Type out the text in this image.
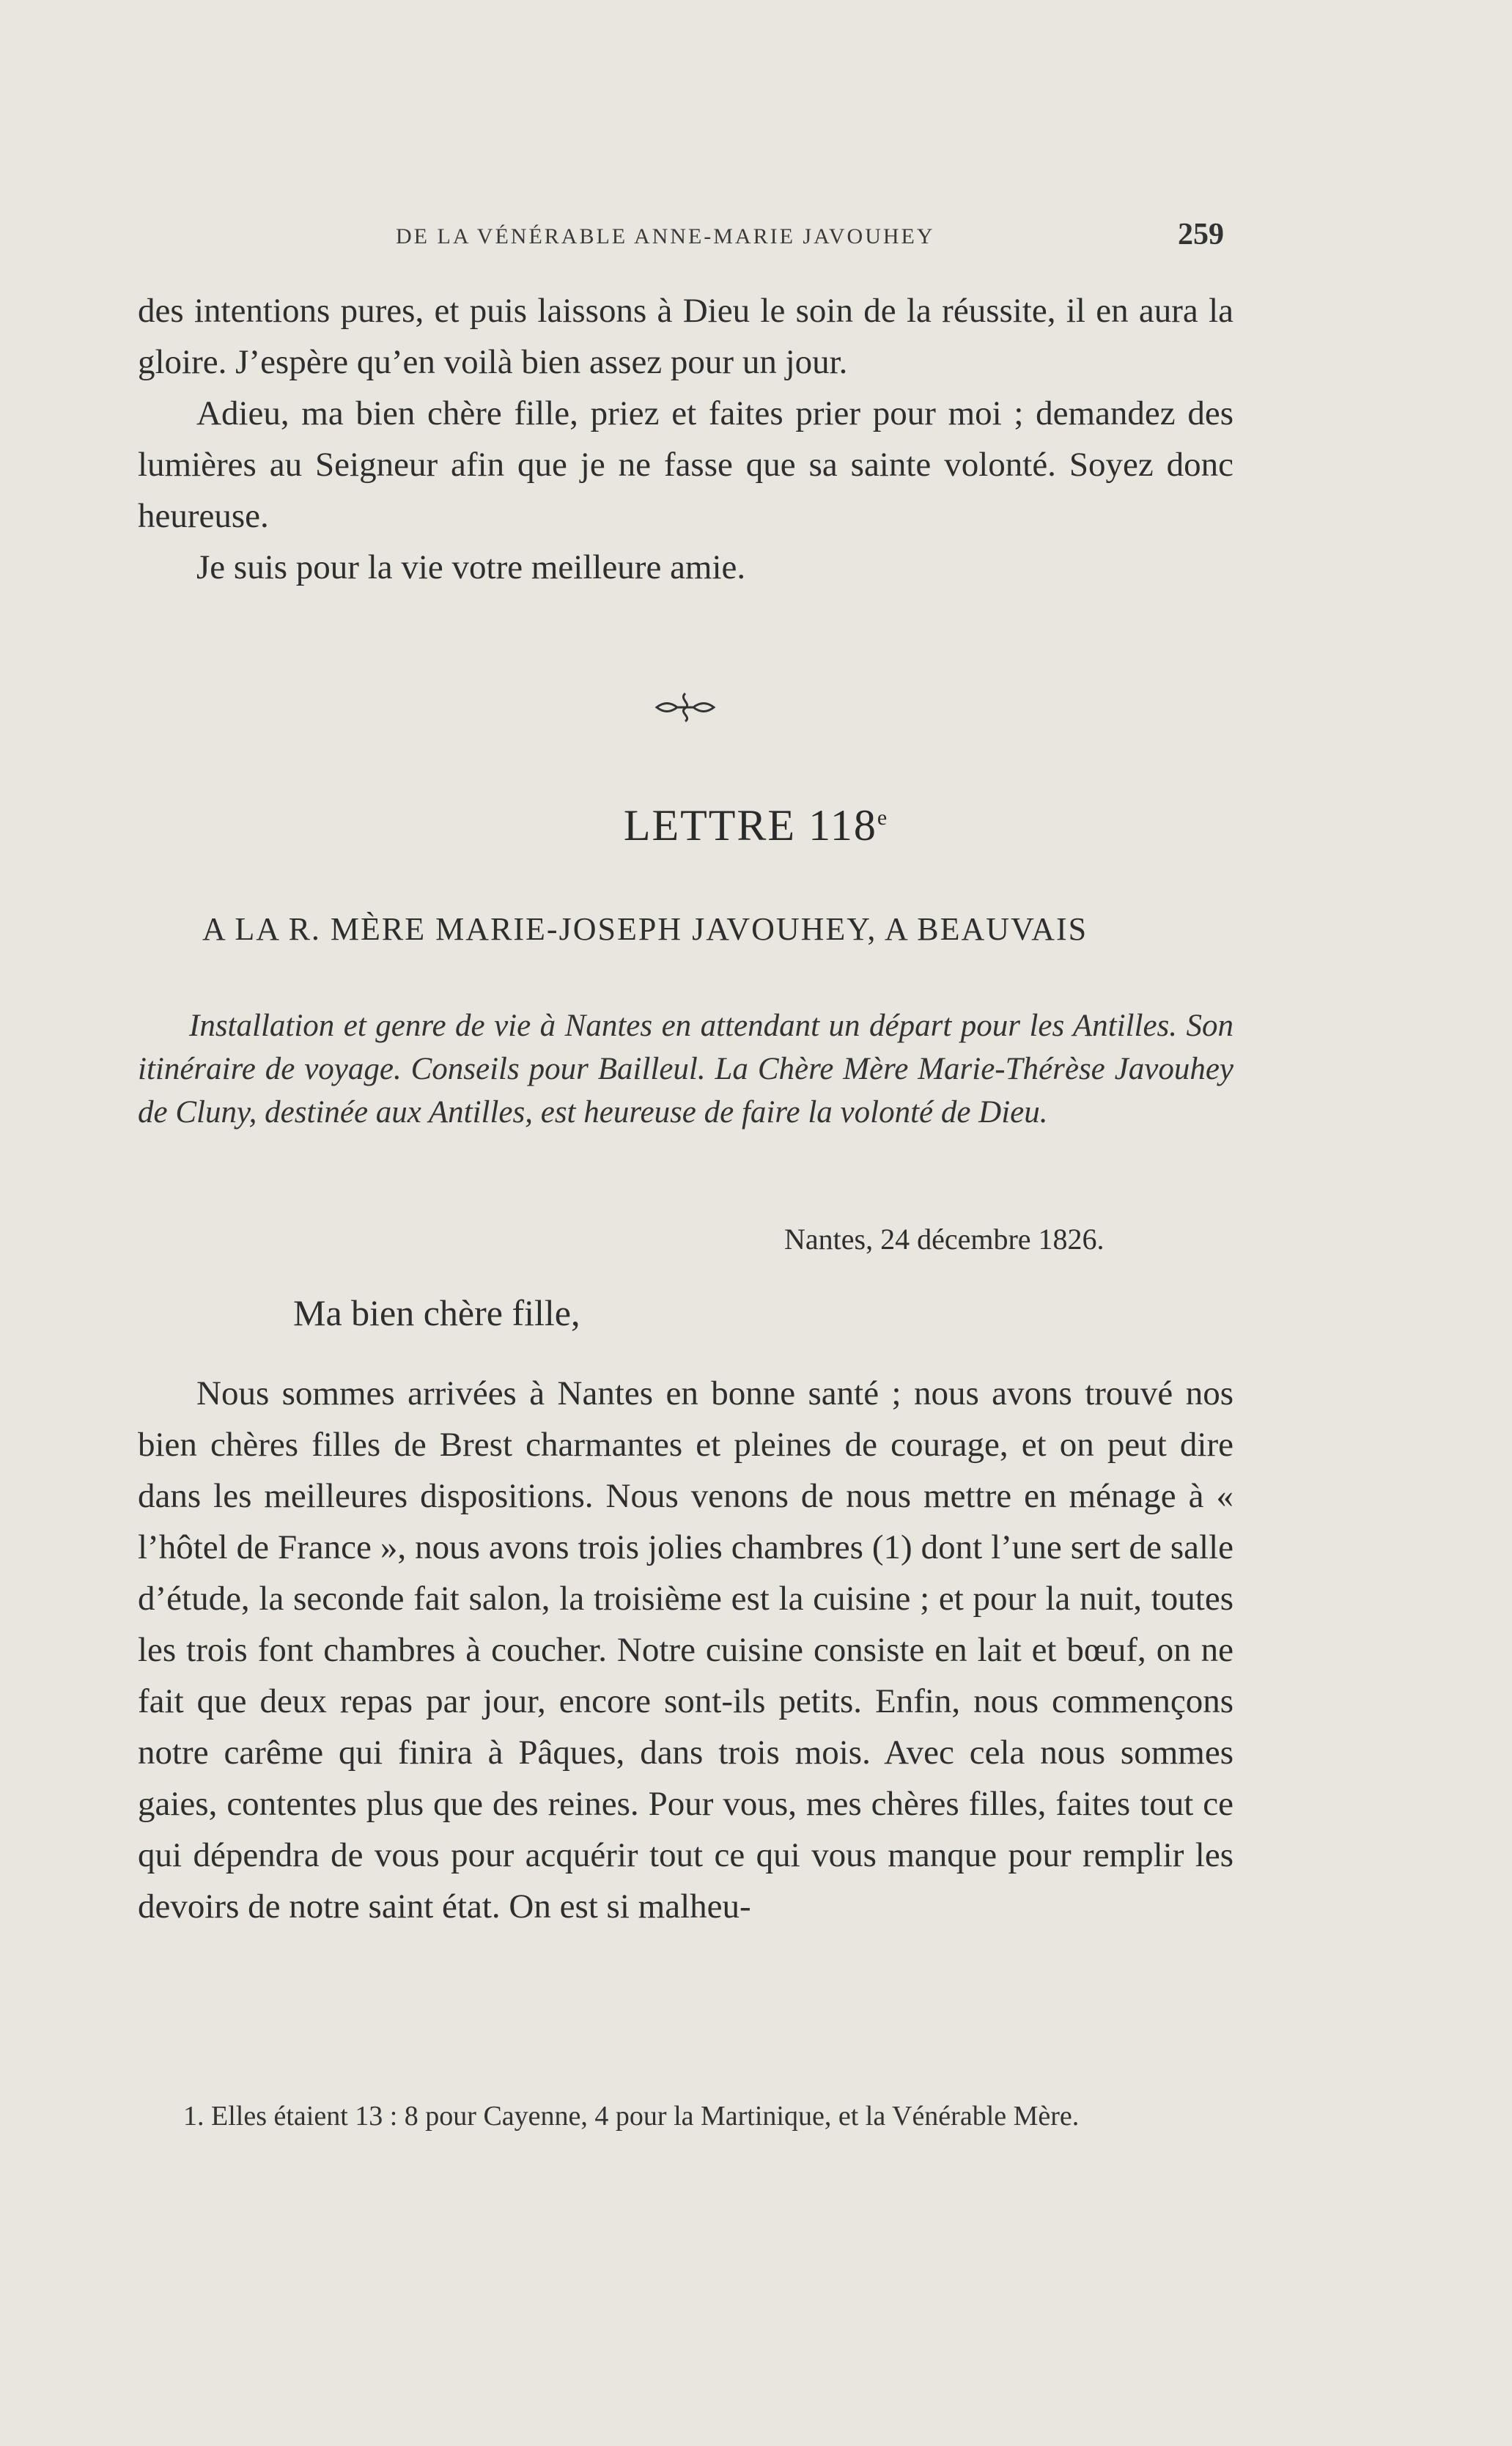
DE LA VÉNÉRABLE ANNE-MARIE JAVOUHEY	259

des intentions pures, et puis laissons à Dieu le soin de la réussite, il en aura la gloire. J’espère qu’en voilà bien assez pour un jour.

Adieu, ma bien chère fille, priez et faites prier pour moi ; demandez des lumières au Seigneur afin que je ne fasse que sa sainte volonté. Soyez donc heureuse.

Je suis pour la vie votre meilleure amie.

LETTRE 118e
A LA R. MÈRE MARIE-JOSEPH JAVOUHEY, A BEAUVAIS

Installation et genre de vie à Nantes en attendant un départ pour les Antilles. Son itinéraire de voyage. Conseils pour Bailleul. La Chère Mère Marie-Thérèse Javouhey de Cluny, destinée aux Antilles, est heureuse de faire la volonté de Dieu.

Nantes, 24 décembre 1826.
Ma bien chère fille,

Nous sommes arrivées à Nantes en bonne santé ; nous avons trouvé nos bien chères filles de Brest charmantes et pleines de courage, et on peut dire dans les meilleures dispositions. Nous venons de nous mettre en ménage à « l’hôtel de France », nous avons trois jolies chambres (1) dont l’une sert de salle d’étude, la seconde fait salon, la troisième est la cuisine ; et pour la nuit, toutes les trois font chambres à coucher. Notre cuisine consiste en lait et bœuf, on ne fait que deux repas par jour, encore sont-ils petits. Enfin, nous commençons notre carême qui finira à Pâques, dans trois mois. Avec cela nous sommes gaies, contentes plus que des reines. Pour vous, mes chères filles, faites tout ce qui dépendra de vous pour acquérir tout ce qui vous manque pour remplir les devoirs de notre saint état. On est si malheu-

1. Elles étaient 13 : 8 pour Cayenne, 4 pour la Martinique, et la Vénérable Mère.
